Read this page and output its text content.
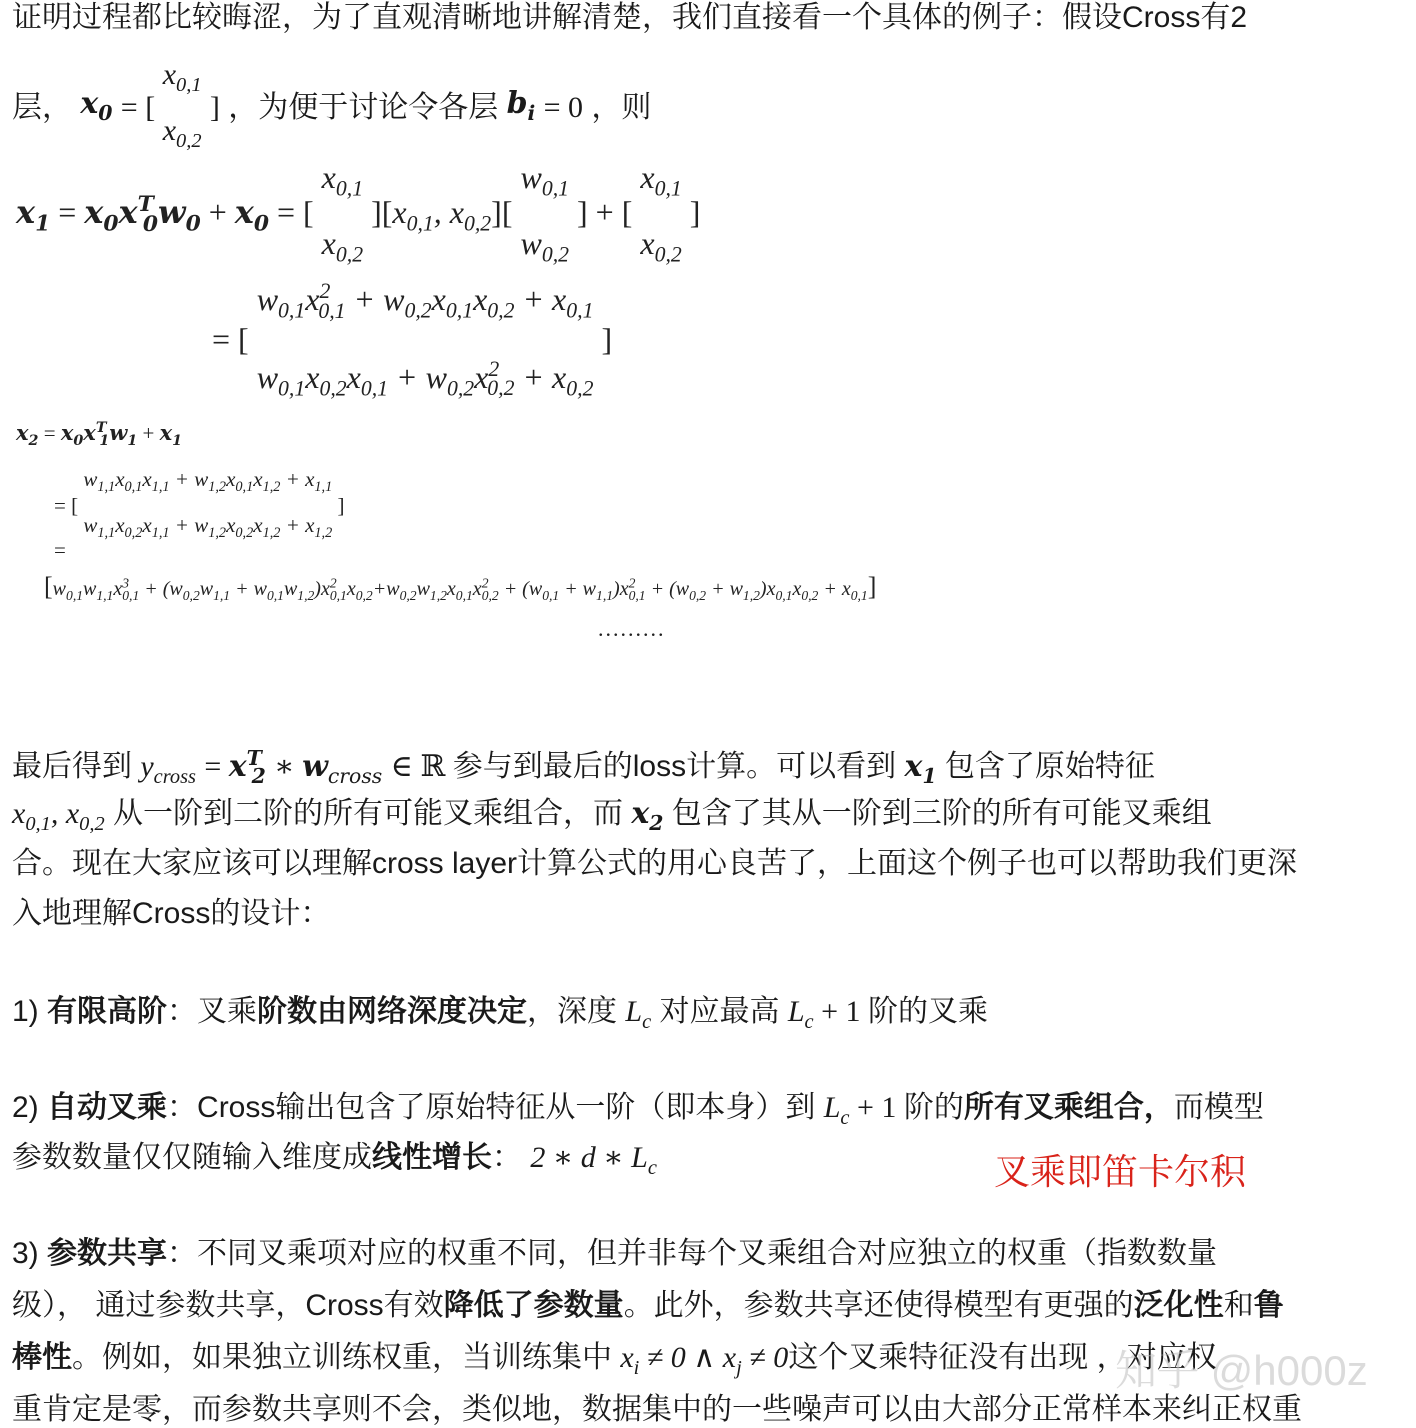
证明过程都比较晦涩，为了直观清晰地讲解清楚，我们直接看一个具体的例子：假设Cross有2
层， $x_0$ = [
$x_{0,1}$
$x_{0,2}$
] ，为便于讨论令各层 $b_i = 0$ ，则
$x_1 = x_0x^T_0w_0 + x_0$ = [
$x_{0,1}$
$x_{0,2}$
][$x_{0,1}$, $x_{0,2}$][
$w_{0,1}$
$w_{0,2}$
] + [
$x_{0,1}$
$x_{0,2}$
]
= [
$w_{0,1}x^2_{0,1} + w_{0,2}x_{0,1}x_{0,2} + x_{0,1}$
$w_{0,1}x_{0,2}x_{0,1} + w_{0,2}x^2_{0,2} + x_{0,2}$
]
$x_2 = x_0x^T_1w_1 + x_1$
= [
$w_{1,1}x_{0,1}x_{1,1} + w_{1,2}x_{0,1}x_{1,2} + x_{1,1}$
$w_{1,1}x_{0,2}x_{1,1} + w_{1,2}x_{0,2}x_{1,2} + x_{1,2}$
]
=
$[w_{0,1}w_{1,1}x^3_{0,1} + (w_{0,2}w_{1,1} + w_{0,1}w_{1,2})x^2_{0,1}x_{0,2}+w_{0,2}w_{1,2}x_{0,1}x^2_{0,2} + (w_{0,1} + w_{1,1})x^2_{0,1} + (w_{0,2} + w_{1,2})x_{0,1}x_{0,2} + x_{0,1}]$
.........
最后得到 $y_{cross} = x^T_2$ ∗ $w_{cross}$ ∈ ℝ 参与到最后的loss计算。可以看到 $x_1$ 包含了原始特征
$x_{0,1}$, $x_{0,2}$ 从一阶到二阶的所有可能叉乘组合，而 $x_2$ 包含了其从一阶到三阶的所有可能叉乘组
合。现在大家应该可以理解cross layer计算公式的用心良苦了，上面这个例子也可以帮助我们更深
入地理解Cross的设计：
1) 有限高阶：叉乘阶数由网络深度决定，深度 $L_c$ 对应最高 $L_c + 1$ 阶的叉乘
2) 自动叉乘：Cross输出包含了原始特征从一阶（即本身）到 $L_c + 1$ 阶的所有叉乘组合，而模型
参数数量仅仅随输入维度成线性增长： 2 ∗ d ∗ $L_c$	叉乘即笛卡尔积
3) 参数共享：不同叉乘项对应的权重不同，但并非每个叉乘组合对应独立的权重（指数数量
级）， 通过参数共享，Cross有效降低了参数量。此外，参数共享还使得模型有更强的泛化性和鲁
棒性。例如，如果独立训练权重，当训练集中 $x_i \ne 0$ ∧ $x_j \ne 0$这个叉乘特征没有出现 ，对应权
重肯定是零，而参数共享则不会，类似地，数据集中的一些噪声可以由大部分正常样本来纠正权重
知乎 @h000z
